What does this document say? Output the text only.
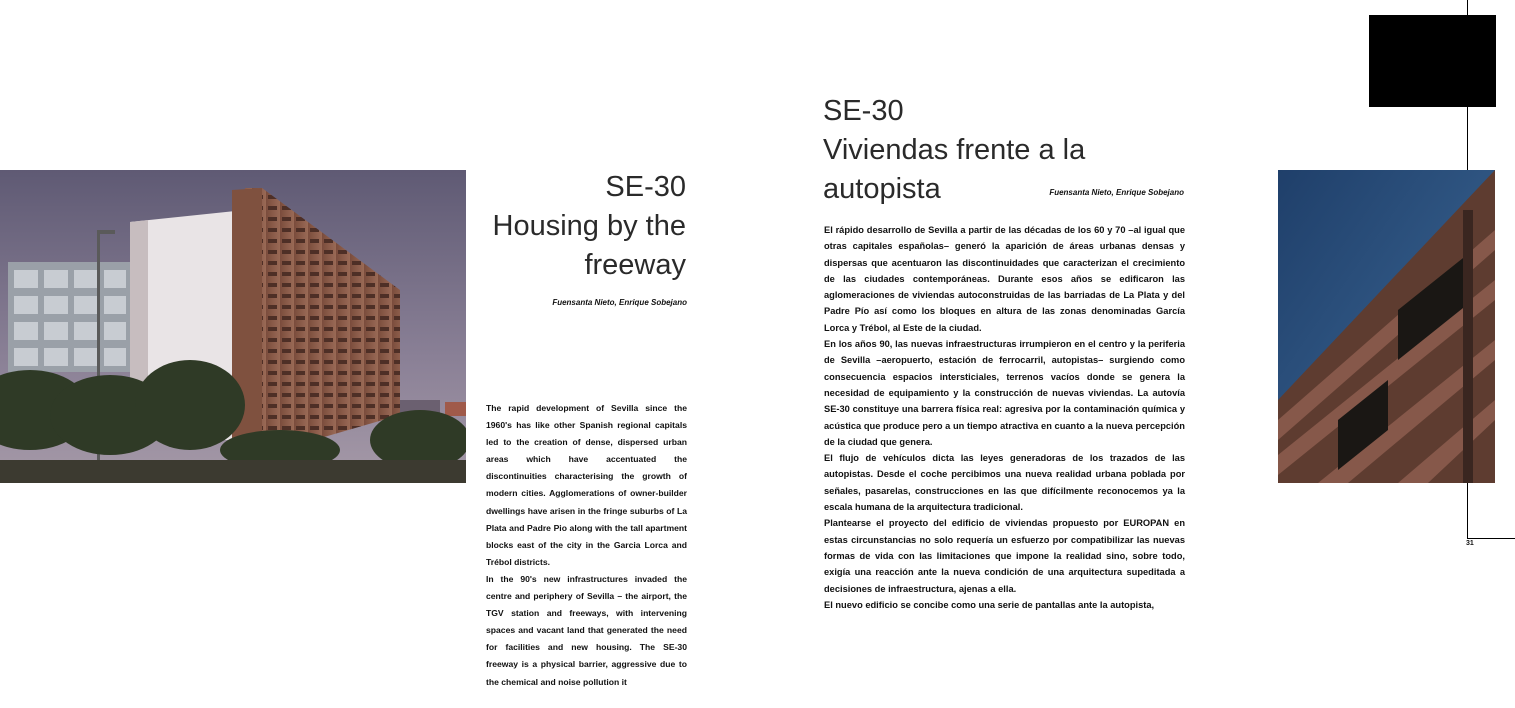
SE-30
Housing by the
freeway
Fuensanta Nieto, Enrique Sobejano

The rapid development of Sevilla since the 1960's has like other Spanish regional capitals led to the creation of dense, dispersed urban areas which have accentuated the discontinuities characterising the growth of modern cities. Agglomerations of owner-builder dwellings have arisen in the fringe suburbs of La Plata and Padre Pio along with the tall apartment blocks east of the city in the Garcia Lorca and Trébol districts.

In the 90's new infrastructures invaded the centre and periphery of Sevilla – the airport, the TGV station and freeways, with intervening spaces and vacant land that generated the need for facilities and new housing. The SE-30 freeway is a physical barrier, aggressive due to the chemical and noise pollution it

SE-30
Viviendas frente a la autopista	Fuensanta Nieto, Enrique Sobejano

El rápido desarrollo de Sevilla a partir de las décadas de los 60 y 70 –al igual que otras capitales españolas– generó la aparición de áreas urbanas densas y dispersas que acentuaron las discontinuidades que caracterizan el crecimiento de las ciudades contemporáneas. Durante esos años se edificaron las aglomeraciones de viviendas autoconstruidas de las barriadas de La Plata y del Padre Pío así como los bloques en altura de las zonas denominadas García Lorca y Trébol, al Este de la ciudad.

En los años 90, las nuevas infraestructuras irrumpieron en el centro y la periferia de Sevilla –aeropuerto, estación de ferrocarril, autopistas– surgiendo como consecuencia espacios intersticiales, terrenos vacíos donde se genera la necesidad de equipamiento y la construcción de nuevas viviendas. La autovía SE-30 constituye una barrera física real: agresiva por la contaminación química y acústica que produce pero a un tiempo atractiva en cuanto a la nueva percepción de la ciudad que genera.

El flujo de vehículos dicta las leyes generadoras de los trazados de las autopistas. Desde el coche percibimos una nueva realidad urbana poblada por señales, pasarelas, construcciones en las que difícilmente reconocemos ya la escala humana de la arquitectura tradicional.

Plantearse el proyecto del edificio de viviendas propuesto por EUROPAN en estas circunstancias no solo requería un esfuerzo por compatibilizar las nuevas formas de vida con las limitaciones que impone la realidad sino, sobre todo, exigía una reacción ante la nueva condición de una arquitectura supeditada a decisiones de infraestructura, ajenas a ella.

El nuevo edificio se concibe como una serie de pantallas ante la autopista,

31
